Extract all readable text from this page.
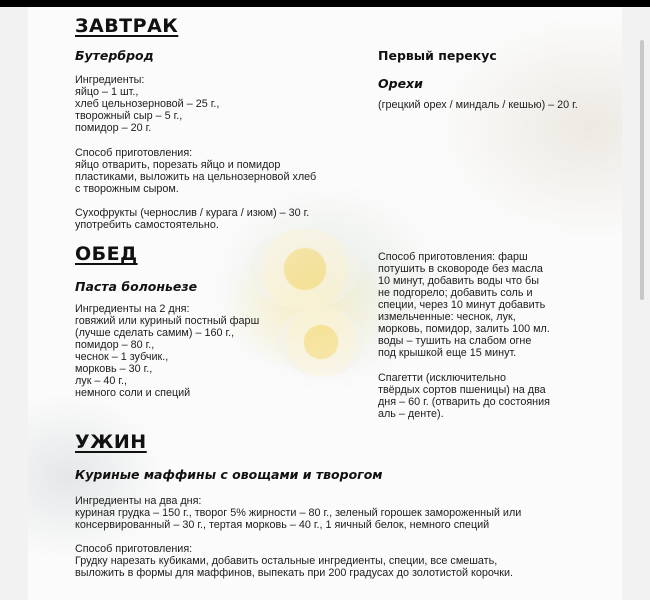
ЗАВТРАК
Бутерброд
Ингредиенты:
яйцо – 1 шт.,
хлеб цельнозерновой – 25 г.,
творожный сыр – 5 г.,
помидор – 20 г.
Способ приготовления:
яйцо отварить, порезать яйцо и помидор
пластиками, выложить на цельнозерновой хлеб
с творожным сыром.
Сухофрукты (чернослив / курага / изюм) – 30 г.
употребить самостоятельно.
Первый перекус
Орехи
(грецкий орех / миндаль / кешью) – 20 г.
ОБЕД
Паста болоньезе
Ингредиенты на 2 дня:
говяжий или куриный постный фарш
(лучше сделать самим) – 160 г.,
помидор – 80 г.,
чеснок – 1 зубчик.,
морковь – 30 г.,
лук – 40 г.,
немного соли и специй
Способ приготовления: фарш
потушить в сковороде без масла
10 минут, добавить воды что бы
не подгорело; добавить соль и
специи, через 10 минут добавить
измельченные: чеснок, лук,
морковь, помидор, залить 100 мл.
воды – тушить на слабом огне
под крышкой еще 15 минут.
Спагетти (исключительно
твёрдых сортов пшеницы) на два
дня – 60 г. (отварить до состояния
аль – денте).
УЖИН
Куриные маффины с овощами и творогом
Ингредиенты на два дня:
куриная грудка – 150 г., творог 5% жирности – 80 г., зеленый горошек замороженный или
консервированный – 30 г., тертая морковь – 40 г., 1 яичный белок, немного специй
Способ приготовления:
Грудку нарезать кубиками, добавить остальные ингредиенты, специи, все смешать,
выложить в формы для маффинов, выпекать при 200 градусах до золотистой корочки.
